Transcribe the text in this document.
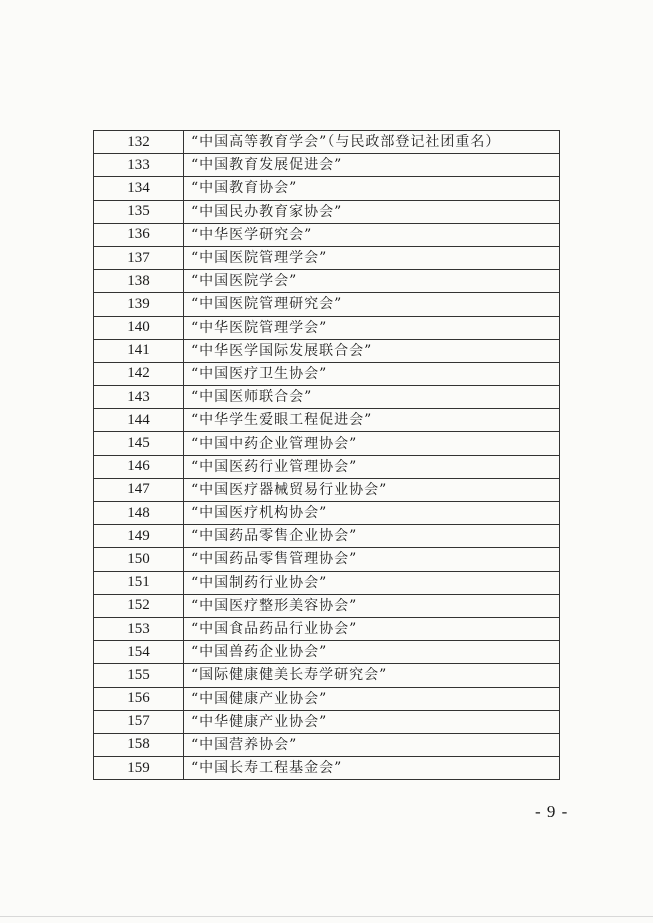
132	“中国高等教育学会”（与民政部登记社团重名）
133	“中国教育发展促进会”
134	“中国教育协会”
135	“中国民办教育家协会”
136	“中华医学研究会”
137	“中国医院管理学会”
138	“中国医院学会”
139	“中国医院管理研究会”
140	“中华医院管理学会”
141	“中华医学国际发展联合会”
142	“中国医疗卫生协会”
143	“中国医师联合会”
144	“中华学生爱眼工程促进会”
145	“中国中药企业管理协会”
146	“中国医药行业管理协会”
147	“中国医疗器械贸易行业协会”
148	“中国医疗机构协会”
149	“中国药品零售企业协会”
150	“中国药品零售管理协会”
151	“中国制药行业协会”
152	“中国医疗整形美容协会”
153	“中国食品药品行业协会”
154	“中国兽药企业协会”
155	“国际健康健美长寿学研究会”
156	“中国健康产业协会”
157	“中华健康产业协会”
158	“中国营养协会”
159	“中国长寿工程基金会”
- 9 -
